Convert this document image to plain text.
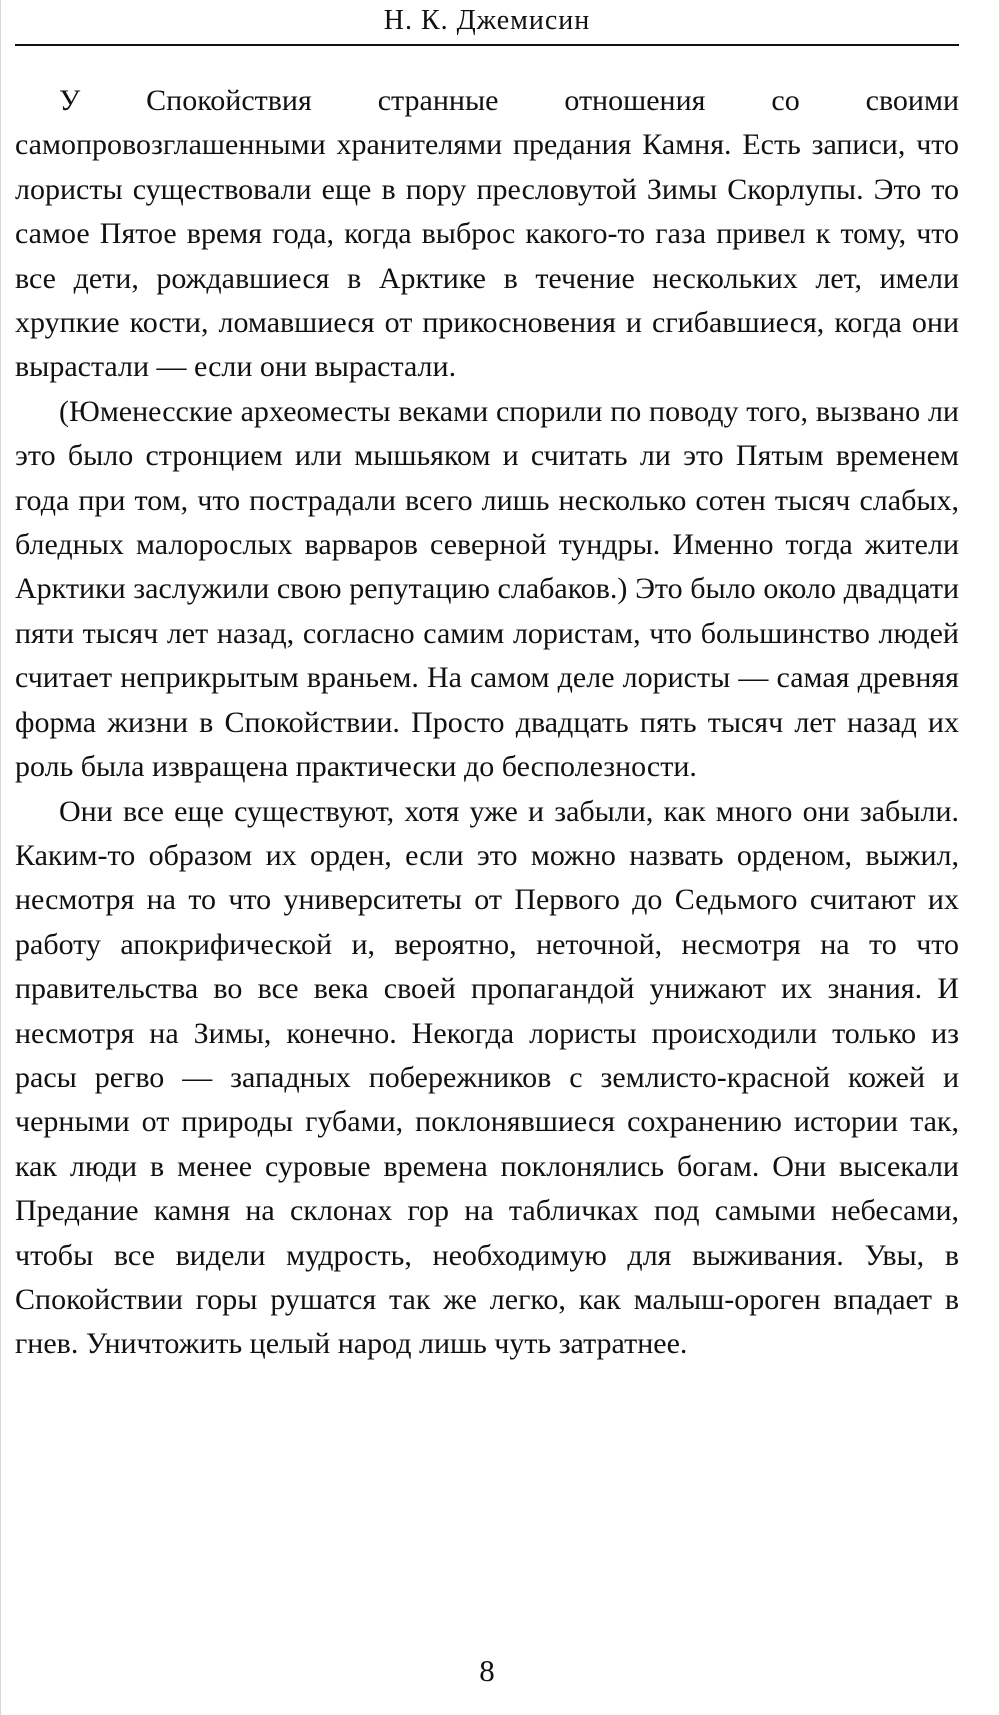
Н. К. Джемисин

У Спокойствия странные отношения со своими самопровозглашенными хранителями предания Камня. Есть записи, что лористы существовали еще в пору пресловутой Зимы Скорлупы. Это то самое Пятое время года, когда выброс какого-то газа привел к тому, что все дети, рождавшиеся в Арктике в течение нескольких лет, имели хрупкие кости, ломавшиеся от прикосновения и сгибавшиеся, когда они вырастали — если они вырастали.

(Юменесские археоместы веками спорили по поводу того, вызвано ли это было стронцием или мышьяком и считать ли это Пятым временем года при том, что пострадали всего лишь несколько сотен тысяч слабых, бледных малорослых варваров северной тундры. Именно тогда жители Арктики заслужили свою репутацию слабаков.) Это было около двадцати пяти тысяч лет назад, согласно самим лористам, что большинство людей считает неприкрытым враньем. На самом деле лористы — самая древняя форма жизни в Спокойствии. Просто двадцать пять тысяч лет назад их роль была извращена практически до бесполезности.

Они все еще существуют, хотя уже и забыли, как много они забыли. Каким-то образом их орден, если это можно назвать орденом, выжил, несмотря на то что университеты от Первого до Седьмого считают их работу апокрифической и, вероятно, неточной, несмотря на то что правительства во все века своей пропагандой унижают их знания. И несмотря на Зимы, конечно. Некогда лористы происходили только из расы регво — западных побережников с землисто-красной кожей и черными от природы губами, поклонявшиеся сохранению истории так, как люди в менее суровые времена поклонялись богам. Они высекали Предание камня на склонах гор на табличках под самыми небесами, чтобы все видели мудрость, необходимую для выживания. Увы, в Спокойствии горы рушатся так же легко, как малыш-ороген впадает в гнев. Уничтожить целый народ лишь чуть затратнее.

8
